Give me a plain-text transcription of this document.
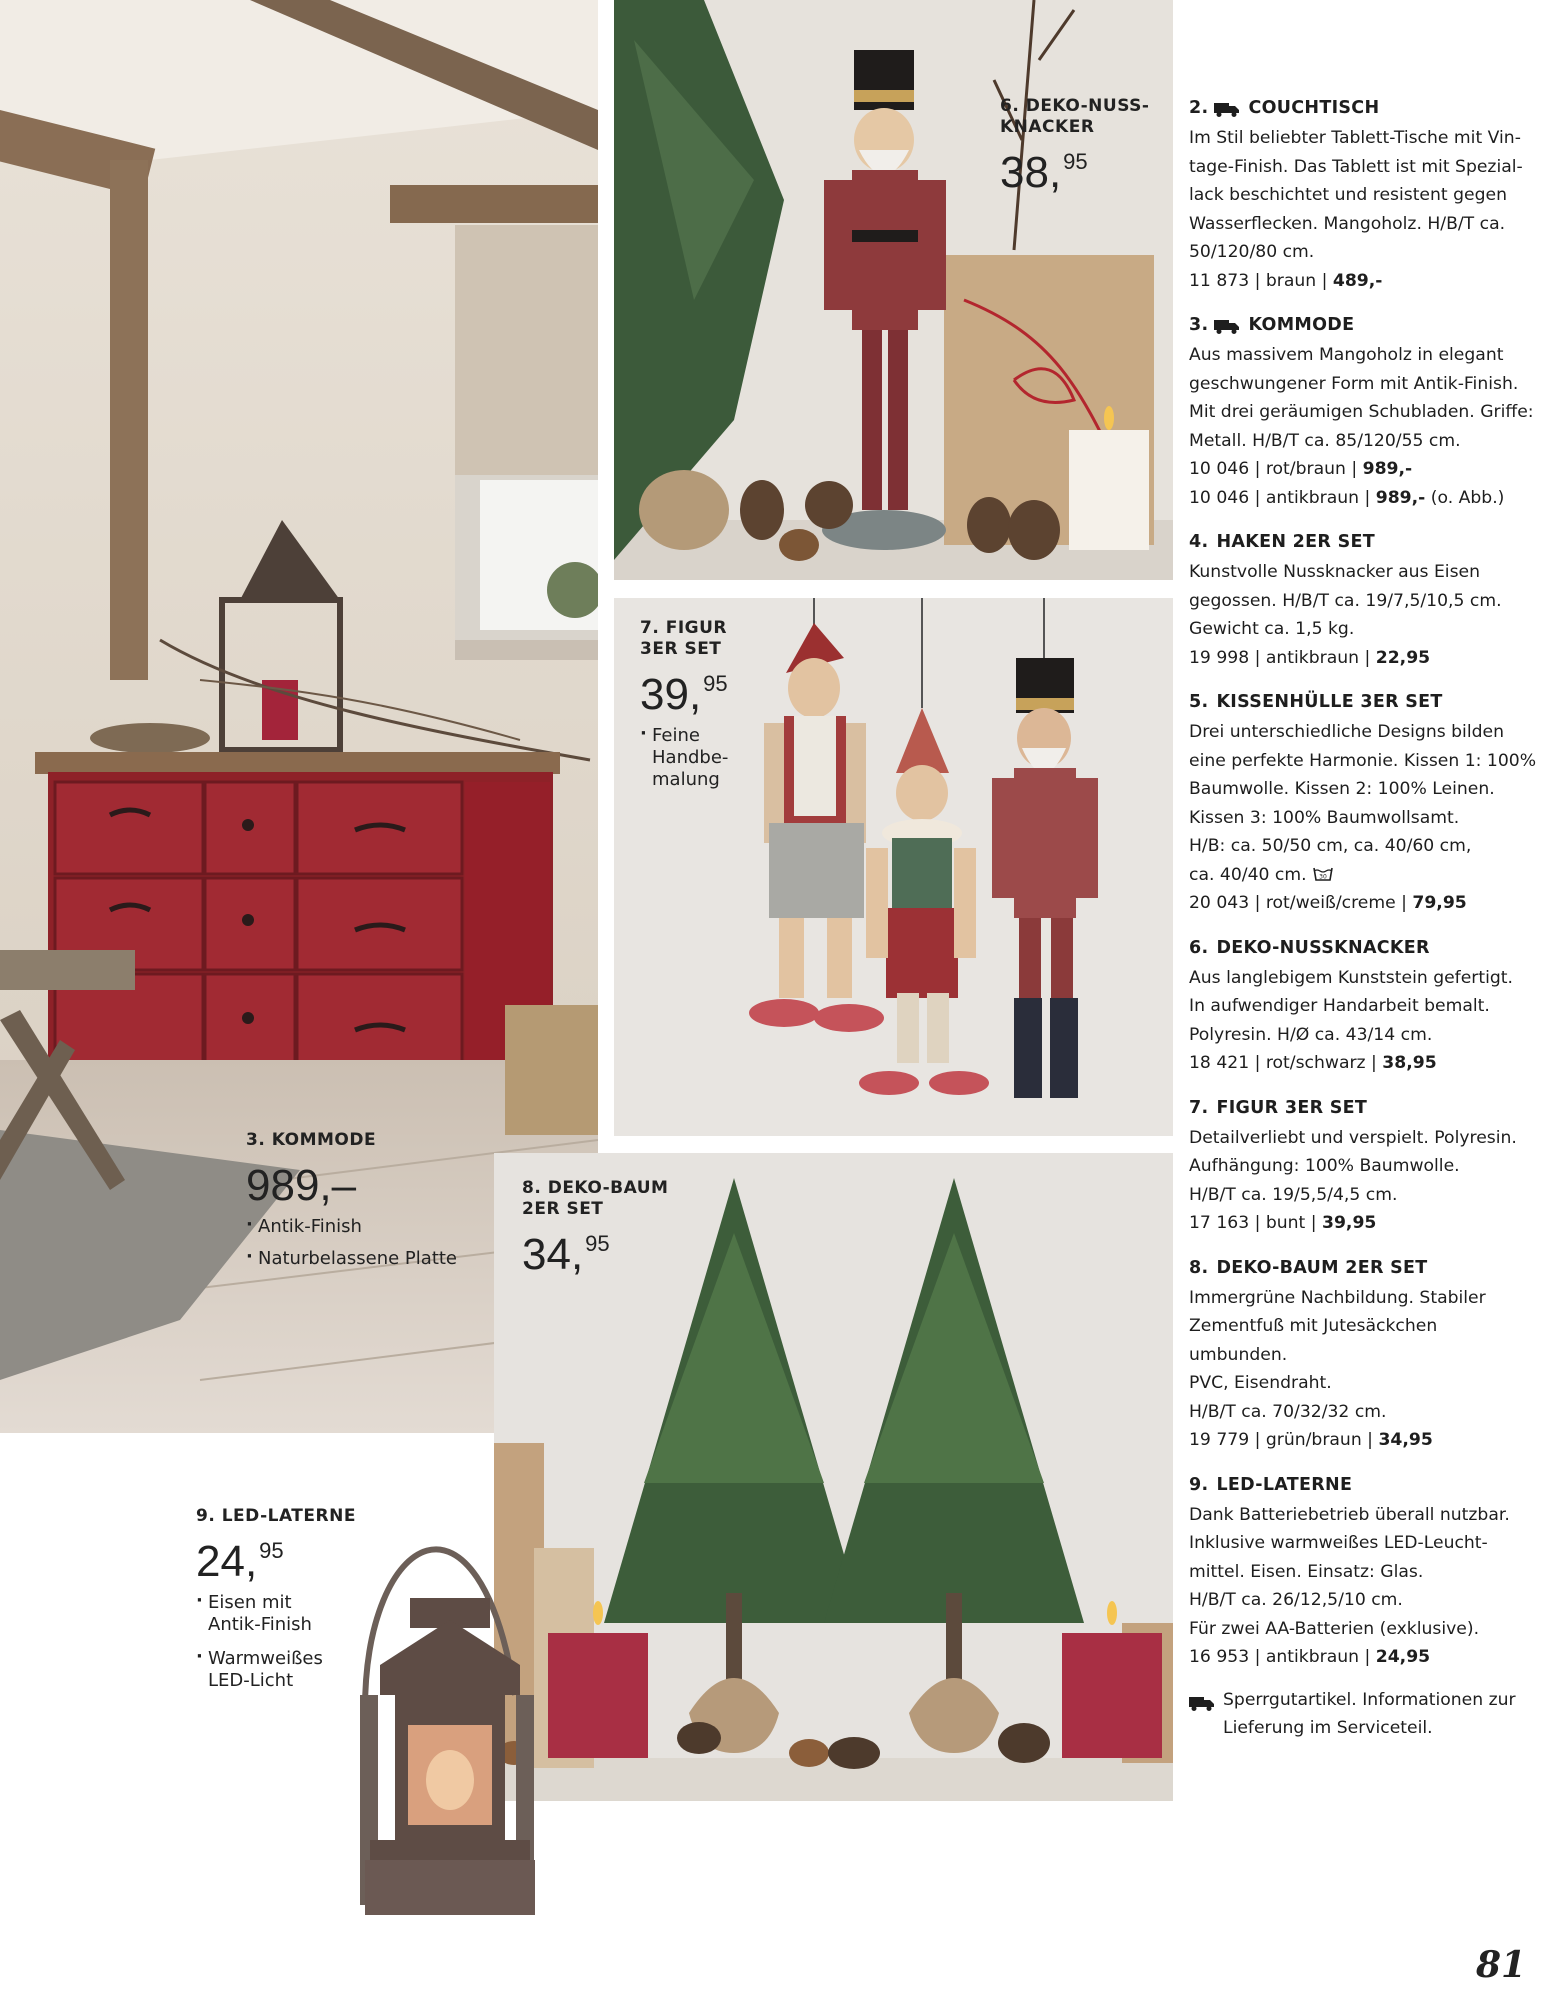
6. DEKO-NUSS-
KNACKER
38,95
7. FIGUR
3ER SET
39,95
· Feine
Handbe-
malung
3. KOMMODE
989,–
· Antik-Finish
· Naturbelassene Platte
8. DEKO-BAUM
2ER SET
34,95
9. LED-LATERNE
24,95
· Eisen mit
Antik-Finish
· Warmweißes
LED-Licht
2. COUCHTISCH

Im Stil beliebter Tablett-Tische mit Vin-
tage-Finish. Das Tablett ist mit Spezial-
lack beschichtet und resistent gegen
Wasserflecken. Mangoholz. H/B/T ca.
50/120/80 cm.

11 873 | braun | 489,-
3. KOMMODE

Aus massivem Mangoholz in elegant
geschwungener Form mit Antik-Finish.
Mit drei geräumigen Schubladen. Griffe:
Metall. H/B/T ca. 85/120/55 cm.

10 046 | rot/braun | 989,-
10 046 | antikbraun | 989,- (o. Abb.)
4. HAKEN 2ER SET

Kunstvolle Nussknacker aus Eisen
gegossen. H/B/T ca. 19/7,5/10,5 cm.
Gewicht ca. 1,5 kg.

19 998 | antikbraun | 22,95
5. KISSENHÜLLE 3ER SET

Drei unterschiedliche Designs bilden
eine perfekte Harmonie. Kissen 1: 100%
Baumwolle. Kissen 2: 100% Leinen.
Kissen 3: 100% Baumwollsamt.
H/B: ca. 50/50 cm, ca. 40/60 cm,
ca. 40/40 cm. 30

20 043 | rot/weiß/creme | 79,95
6. DEKO-NUSSKNACKER

Aus langlebigem Kunststein gefertigt.
In aufwendiger Handarbeit bemalt.
Polyresin. H/Ø ca. 43/14 cm.

18 421 | rot/schwarz | 38,95
7. FIGUR 3ER SET

Detailverliebt und verspielt. Polyresin.
Aufhängung: 100% Baumwolle.
H/B/T ca. 19/5,5/4,5 cm.

17 163 | bunt | 39,95
8. DEKO-BAUM 2ER SET

Immergrüne Nachbildung. Stabiler
Zementfuß mit Jutesäckchen umbunden.
PVC, Eisendraht.
H/B/T ca. 70/32/32 cm.

19 779 | grün/braun | 34,95
9. LED-LATERNE

Dank Batteriebetrieb überall nutzbar.
Inklusive warmweißes LED-Leucht-
mittel. Eisen. Einsatz: Glas.
H/B/T ca. 26/12,5/10 cm.
Für zwei AA-Batterien (exklusive).

16 953 | antikbraun | 24,95
Sperrgutartikel. Informationen zur
Lieferung im Serviceteil.
81
